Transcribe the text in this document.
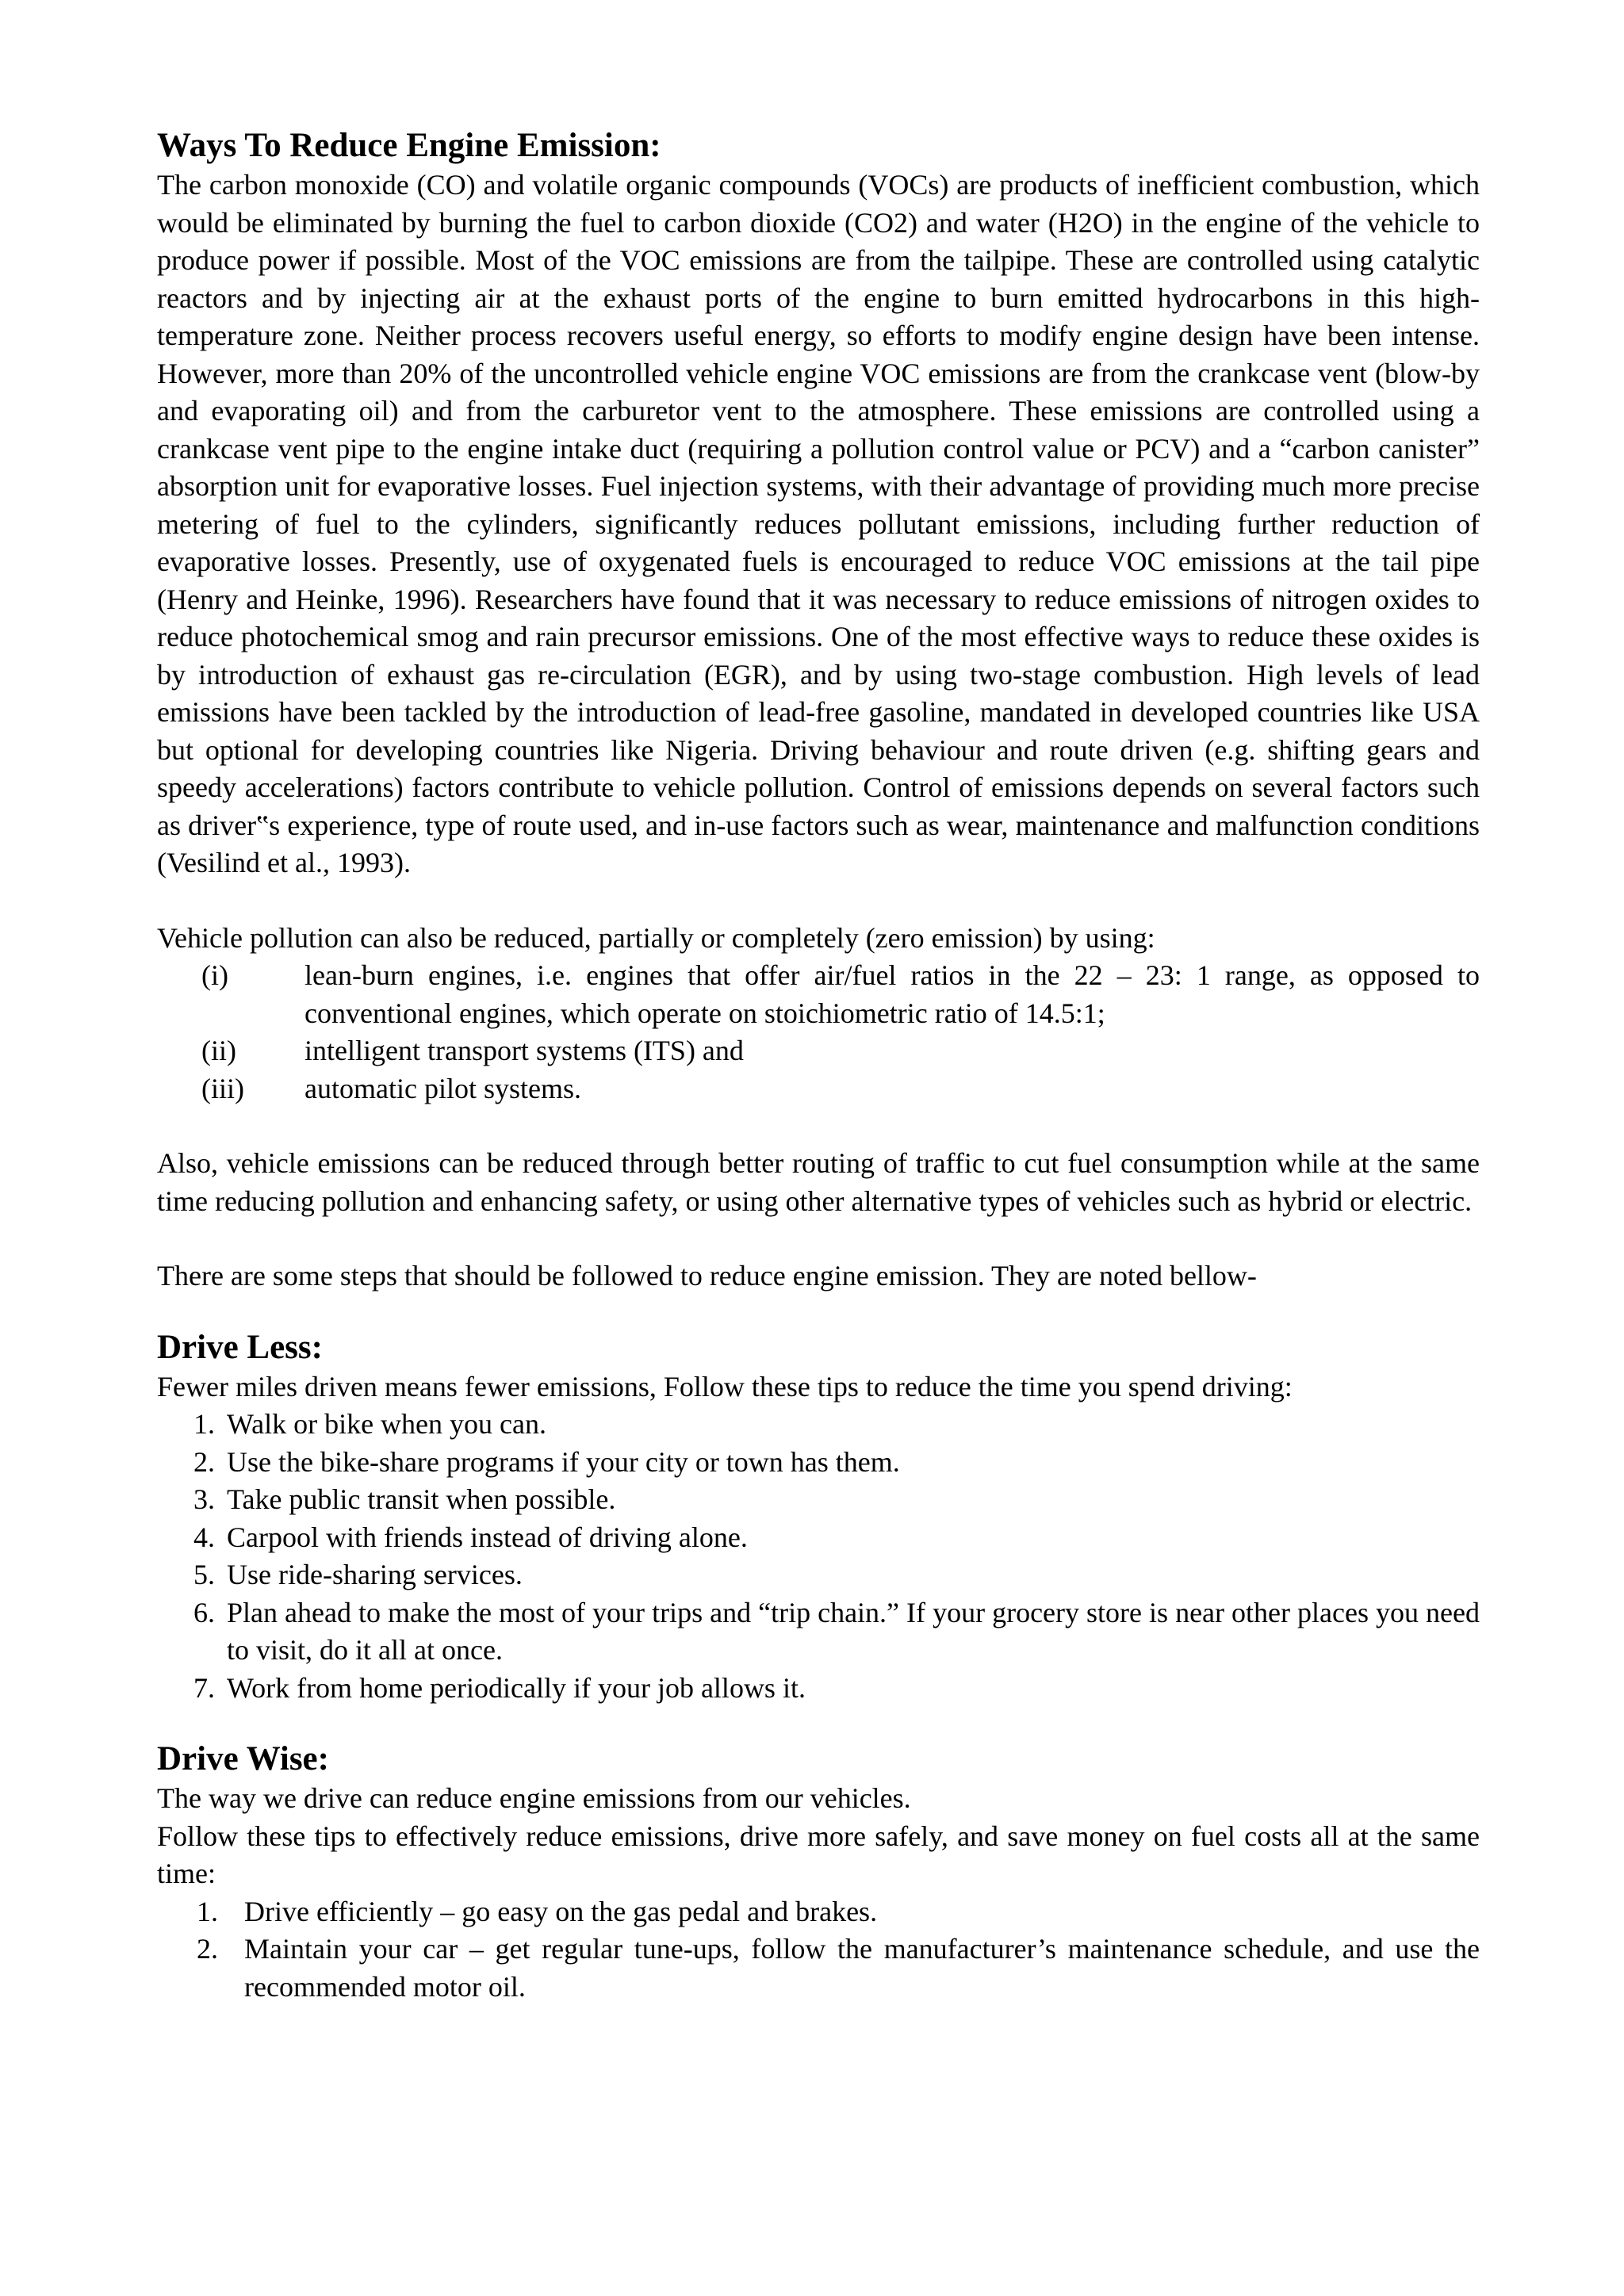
Ways To Reduce Engine Emission:

The carbon monoxide (CO) and volatile organic compounds (VOCs) are products of inefficient combustion, which would be eliminated by burning the fuel to carbon dioxide (CO2) and water (H2O) in the engine of the vehicle to produce power if possible. Most of the VOC emissions are from the tailpipe. These are controlled using catalytic reactors and by injecting air at the exhaust ports of the engine to burn emitted hydrocarbons in this high-temperature zone. Neither process recovers useful energy, so efforts to modify engine design have been intense. However, more than 20% of the uncontrolled vehicle engine VOC emissions are from the crankcase vent (blow-by and evaporating oil) and from the carburetor vent to the atmosphere. These emissions are controlled using a crankcase vent pipe to the engine intake duct (requiring a pollution control value or PCV) and a “carbon canister” absorption unit for evaporative losses. Fuel injection systems, with their advantage of providing much more precise metering of fuel to the cylinders, significantly reduces pollutant emissions, including further reduction of evaporative losses. Presently, use of oxygenated fuels is encouraged to reduce VOC emissions at the tail pipe (Henry and Heinke, 1996). Researchers have found that it was necessary to reduce emissions of nitrogen oxides to reduce photochemical smog and rain precursor emissions. One of the most effective ways to reduce these oxides is by introduction of exhaust gas re-circulation (EGR), and by using two-stage combustion. High levels of lead emissions have been tackled by the introduction of lead-free gasoline, mandated in developed countries like USA but optional for developing countries like Nigeria. Driving behaviour and route driven (e.g. shifting gears and speedy accelerations) factors contribute to vehicle pollution. Control of emissions depends on several factors such as driver‟s experience, type of route used, and in-use factors such as wear, maintenance and malfunction conditions (Vesilind et al., 1993).

Vehicle pollution can also be reduced, partially or completely (zero emission) by using:

(i)	lean-burn engines, i.e. engines that offer air/fuel ratios in the 22 – 23: 1 range, as opposed to conventional engines, which operate on stoichiometric ratio of 14.5:1;
(ii) intelligent transport systems (ITS) and
(iii) automatic pilot systems.

Also, vehicle emissions can be reduced through better routing of traffic to cut fuel consumption while at the same time reducing pollution and enhancing safety, or using other alternative types of vehicles such as hybrid or electric.

There are some steps that should be followed to reduce engine emission. They are noted bellow-

Drive Less:

Fewer miles driven means fewer emissions, Follow these tips to reduce the time you spend driving:

1. Walk or bike when you can.
2. Use the bike-share programs if your city or town has them.
3. Take public transit when possible.
4. Carpool with friends instead of driving alone.
5. Use ride-sharing services.
6. Plan ahead to make the most of your trips and “trip chain.” If your grocery store is near other places you need to visit, do it all at once.
7. Work from home periodically if your job allows it.
Drive Wise:

The way we drive can reduce engine emissions from our vehicles.

Follow these tips to effectively reduce emissions, drive more safely, and save money on fuel costs all at the same time:

1. Drive efficiently – go easy on the gas pedal and brakes.
2. Maintain your car – get regular tune-ups, follow the manufacturer’s maintenance schedule, and use the recommended motor oil.
